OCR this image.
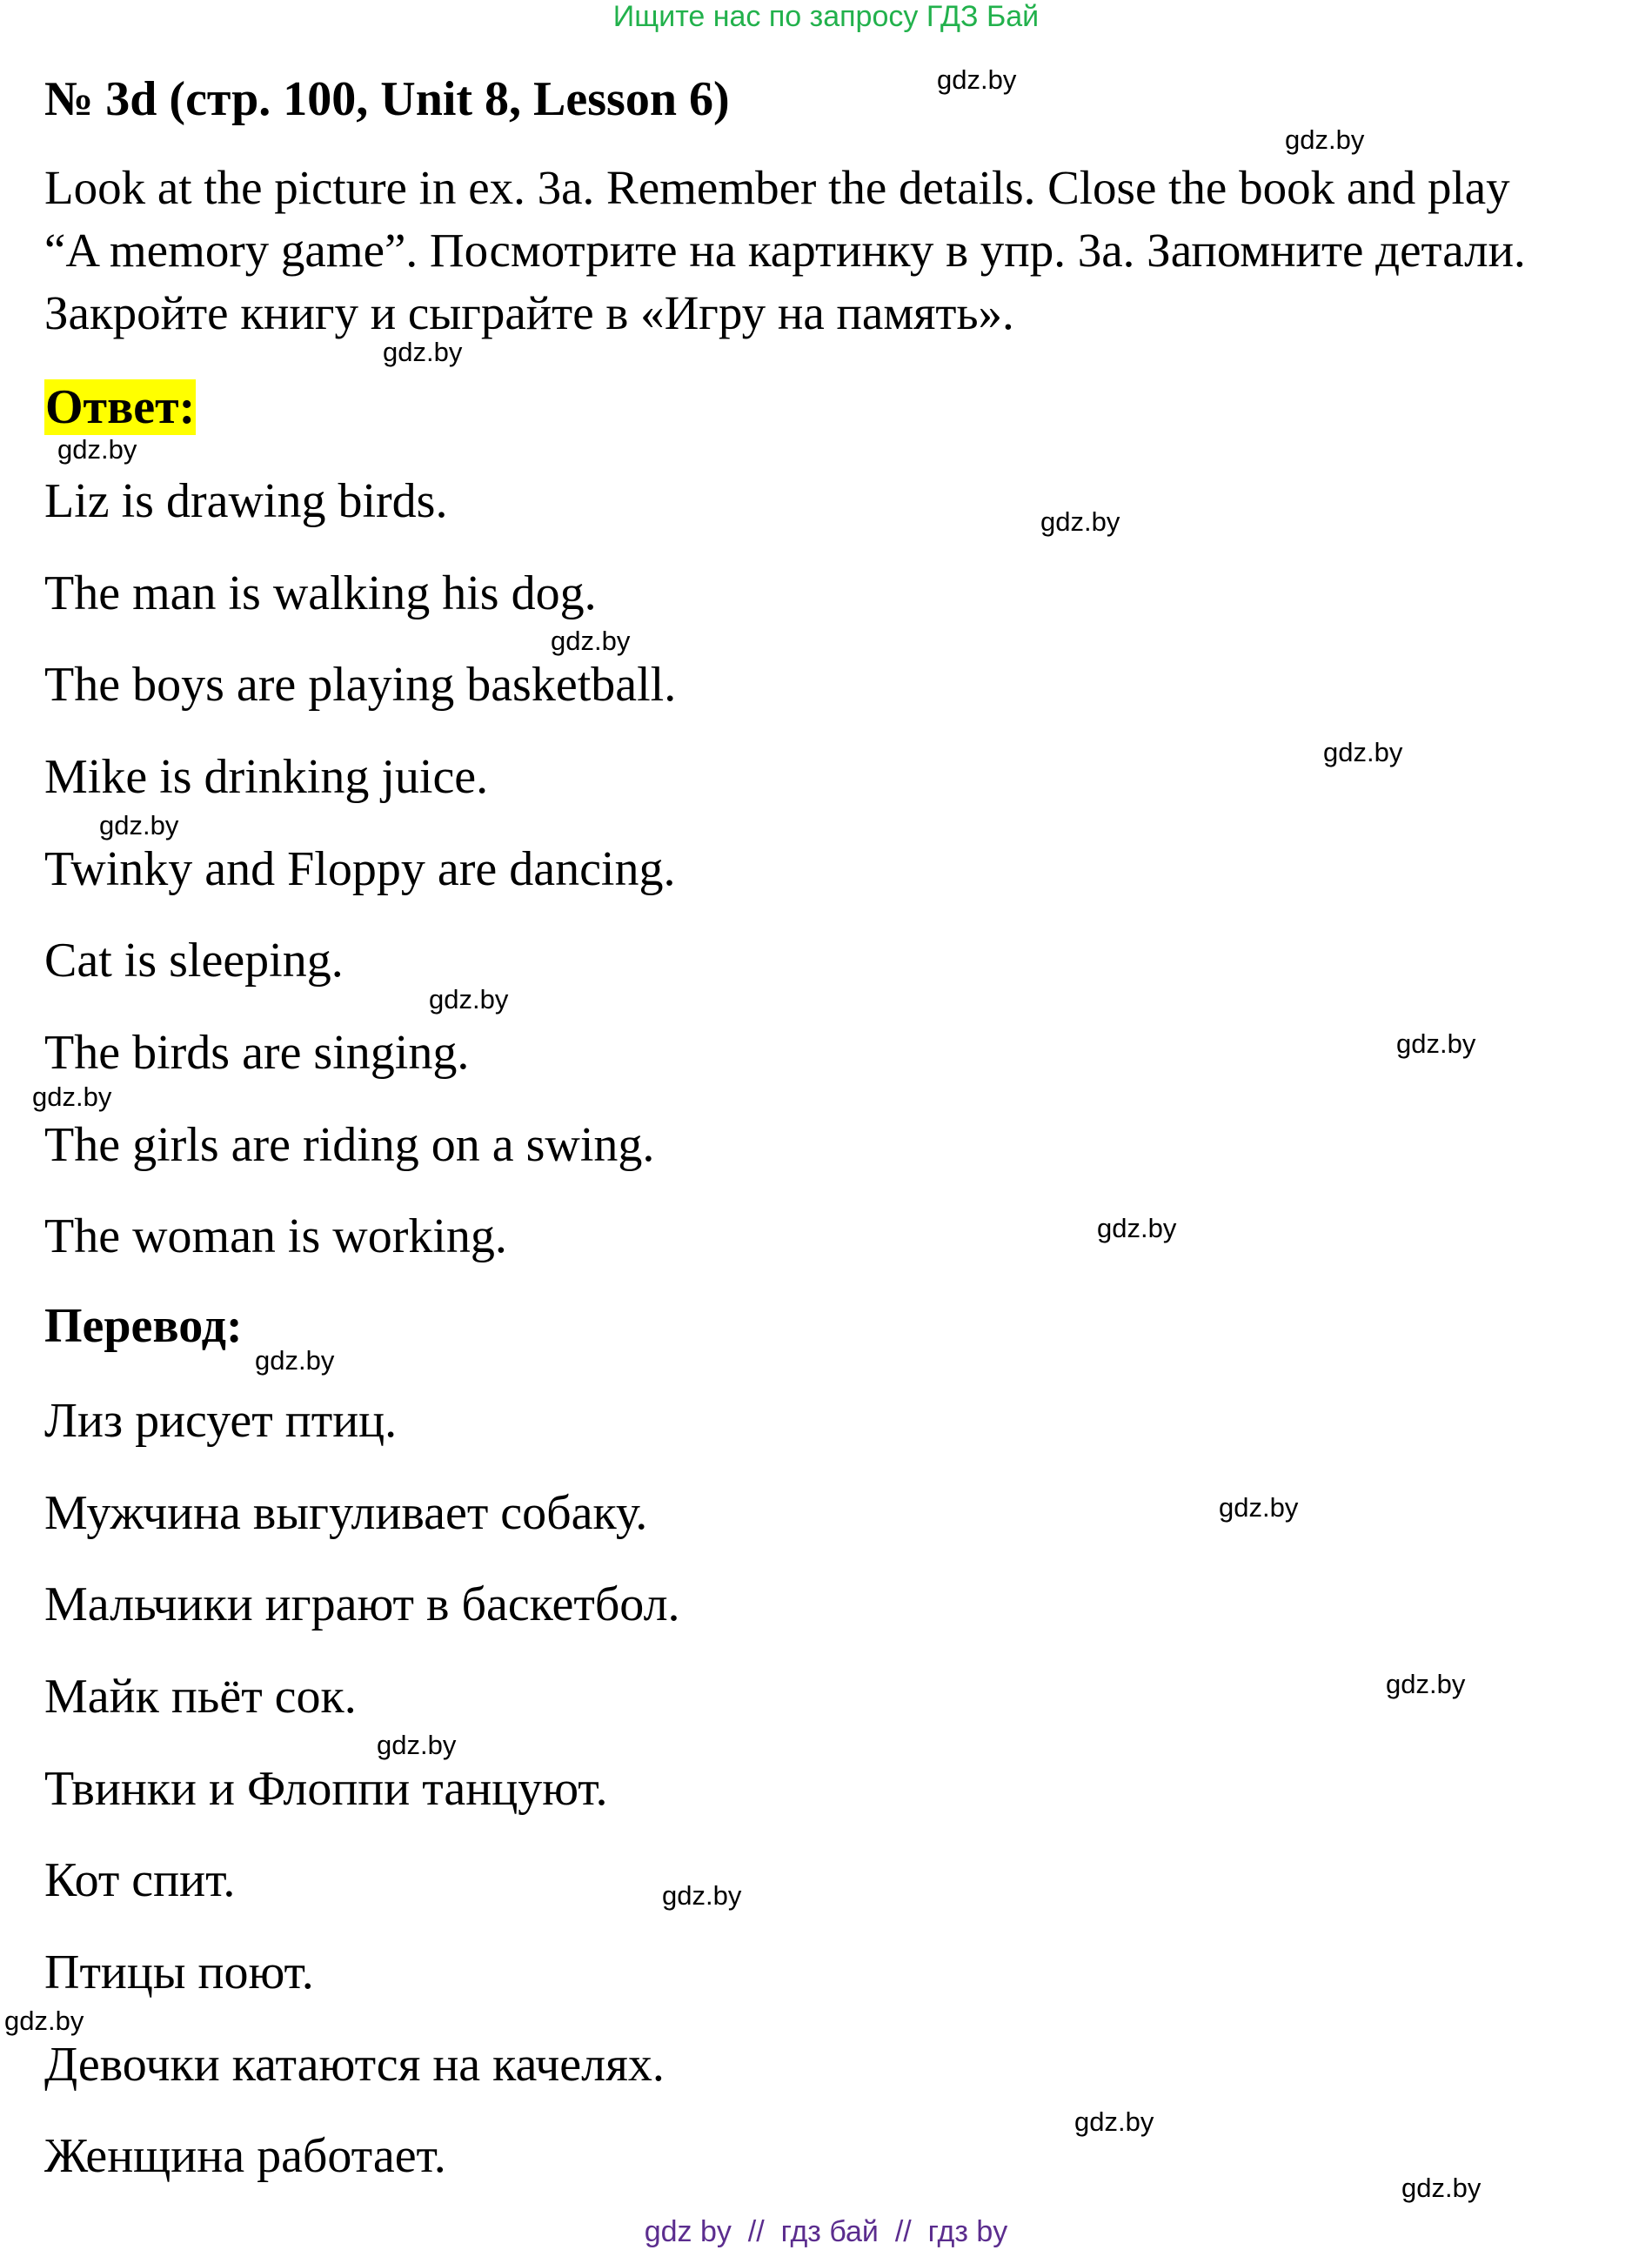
Ищите нас по запросу ГДЗ Бай
№ 3d (стр. 100, Unit 8, Lesson 6)
Look at the picture in ex. 3a. Remember the details. Close the book and play
“A memory game”. Посмотрите на картинку в упр. 3a. Запомните детали.
Закройте книгу и сыграйте в «Игру на память».
Ответ:
Liz is drawing birds.
The man is walking his dog.
The boys are playing basketball.
Mike is drinking juice.
Twinky and Floppy are dancing.
Cat is sleeping.
The birds are singing.
The girls are riding on a swing.
The woman is working.
Перевод:
Лиз рисует птиц.
Мужчина выгуливает собаку.
Мальчики играют в баскетбол.
Майк пьёт сок.
Твинки и Флоппи танцуют.
Кот спит.
Птицы поют.
Девочки катаются на качелях.
Женщина работает.
gdz.by
gdz.by
gdz.by
gdz.by
gdz.by
gdz.by
gdz.by
gdz.by
gdz.by
gdz.by
gdz.by
gdz.by
gdz.by
gdz.by
gdz.by
gdz.by
gdz.by
gdz.by
gdz.by
gdz.by
gdz by  //  гдз бай  //  гдз by
